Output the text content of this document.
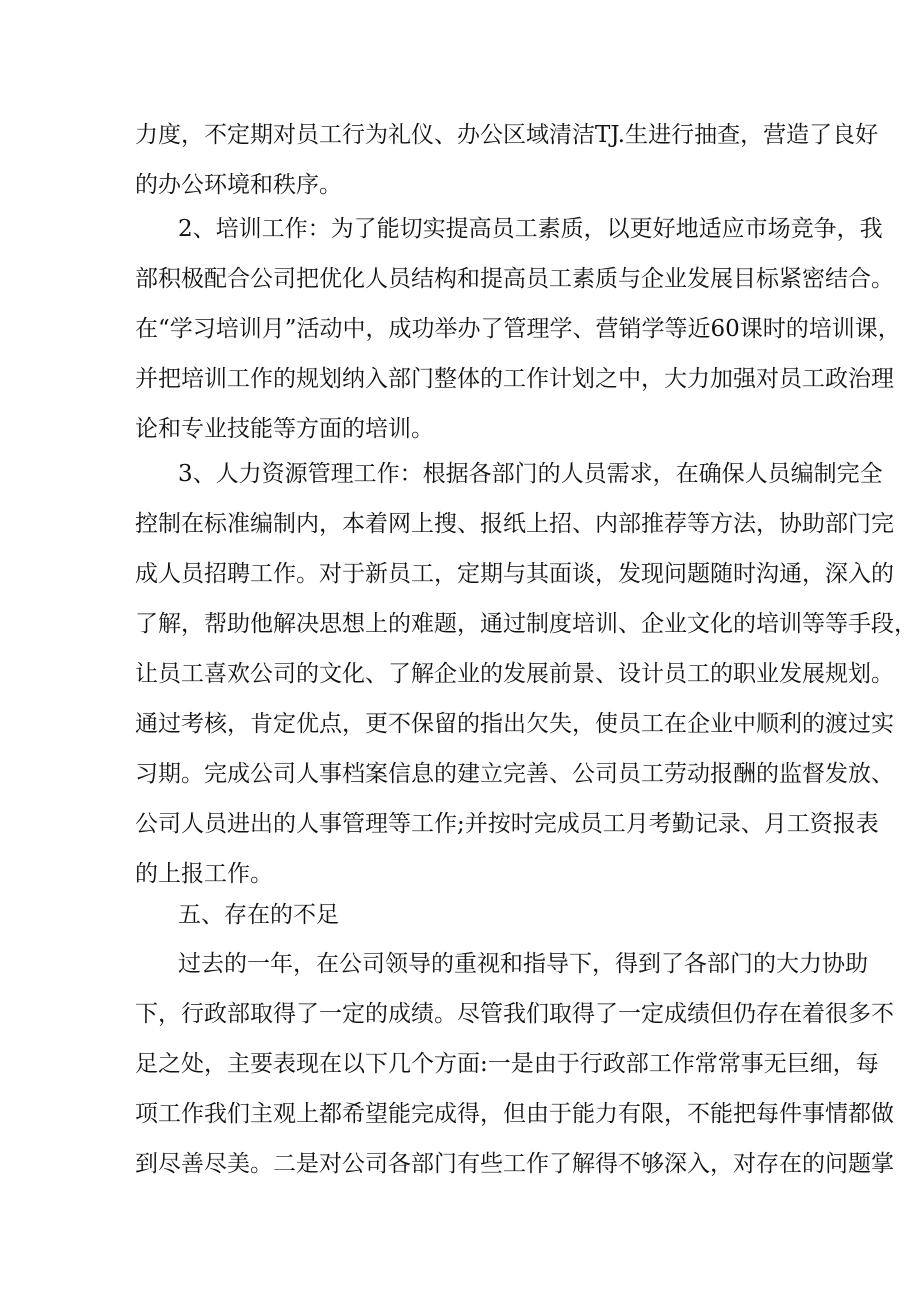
力度，不定期对员工行为礼仪、办公区域清洁TJ.生进行抽查，营造了良好
的办公环境和秩序。
2、培训工作：为了能切实提高员工素质，以更好地适应市场竞争，我
部积极配合公司把优化人员结构和提高员工素质与企业发展目标紧密结合。
在“学习培训月”活动中，成功举办了管理学、营销学等近60课时的培训课，
并把培训工作的规划纳入部门整体的工作计划之中，大力加强对员工政治理
论和专业技能等方面的培训。
3、人力资源管理工作：根据各部门的人员需求，在确保人员编制完全
控制在标准编制内，本着网上搜、报纸上招、内部推荐等方法，协助部门完
成人员招聘工作。对于新员工，定期与其面谈，发现问题随时沟通，深入的
了解，帮助他解决思想上的难题，通过制度培训、企业文化的培训等等手段，
让员工喜欢公司的文化、了解企业的发展前景、设计员工的职业发展规划。
通过考核，肯定优点，更不保留的指出欠失，使员工在企业中顺利的渡过实
习期。完成公司人事档案信息的建立完善、公司员工劳动报酬的监督发放、
公司人员进出的人事管理等工作;并按时完成员工月考勤记录、月工资报表
的上报工作。
五、存在的不足
过去的一年，在公司领导的重视和指导下，得到了各部门的大力协助
下，行政部取得了一定的成绩。尽管我们取得了一定成绩但仍存在着很多不
足之处，主要表现在以下几个方面:一是由于行政部工作常常事无巨细，每
项工作我们主观上都希望能完成得，但由于能力有限，不能把每件事情都做
到尽善尽美。二是对公司各部门有些工作了解得不够深入，对存在的问题掌
